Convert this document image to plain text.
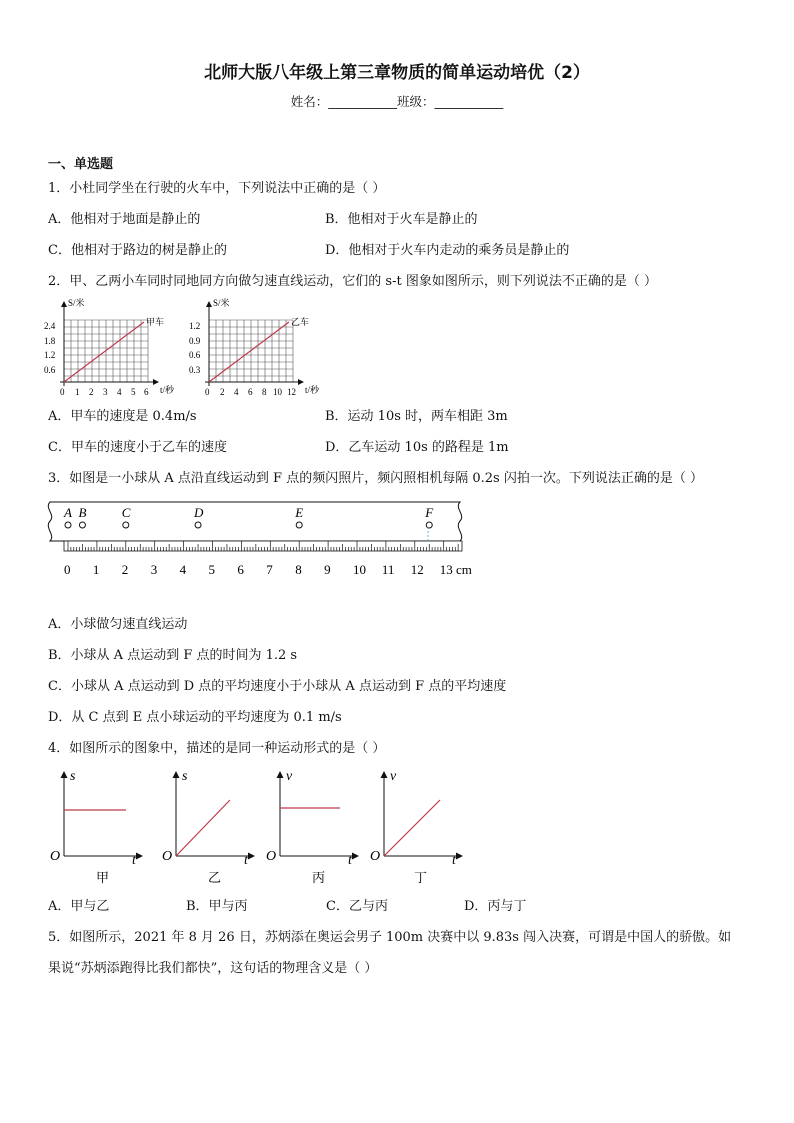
北师大版八年级上第三章物质的简单运动培优（2）
姓名：___________班级：___________
一、单选题
1．小杜同学坐在行驶的火车中，下列说法中正确的是（ ）
A．他相对于地面是静止的	B．他相对于火车是静止的
C．他相对于路边的树是静止的	D．他相对于火车内走动的乘务员是静止的
2．甲、乙两小车同时同地同方向做匀速直线运动，它们的 s-t 图象如图所示，则下列说法不正确的是（ ）
S/米
甲车
t/秒
2.4
1.8
1.2
0.6
0 1 2 3 4 5 6
S/米
乙车
t/秒
1.2
0.9
0.6
0.3
0 2 4 6 8 10 12
A．甲车的速度是 0.4m/s	B．运动 10s 时，两车相距 3m
C．甲车的速度小于乙车的速度	D．乙车运动 10s 的路程是 1m
3．如图是一小球从 A 点沿直线运动到 F 点的频闪照片，频闪照相机每隔 0.2s 闪拍一次。下列说法正确的是（ ）
0 1 2 3 4 5 6 7 8 9 10 11 12 13 cm
A B	C	D	E	F
A．小球做匀速直线运动
B．小球从 A 点运动到 F 点的时间为 1.2 s
C．小球从 A 点运动到 D 点的平均速度小于小球从 A 点运动到 F 点的平均速度
D．从 C 点到 E 点小球运动的平均速度为 0.1 m/s
4．如图所示的图象中，描述的是同一种运动形式的是（ ）
s
t
O
甲
s
t
O
乙
v
t
O
丙
v
t
O
丁
A．甲与乙	B．甲与丙	C．乙与丙	D．丙与丁
5．如图所示，2021 年 8 月 26 日，苏炳添在奥运会男子 100m 决赛中以 9.83s 闯入决赛，可谓是中国人的骄傲。如
果说“苏炳添跑得比我们都快”，这句话的物理含义是（ ）
